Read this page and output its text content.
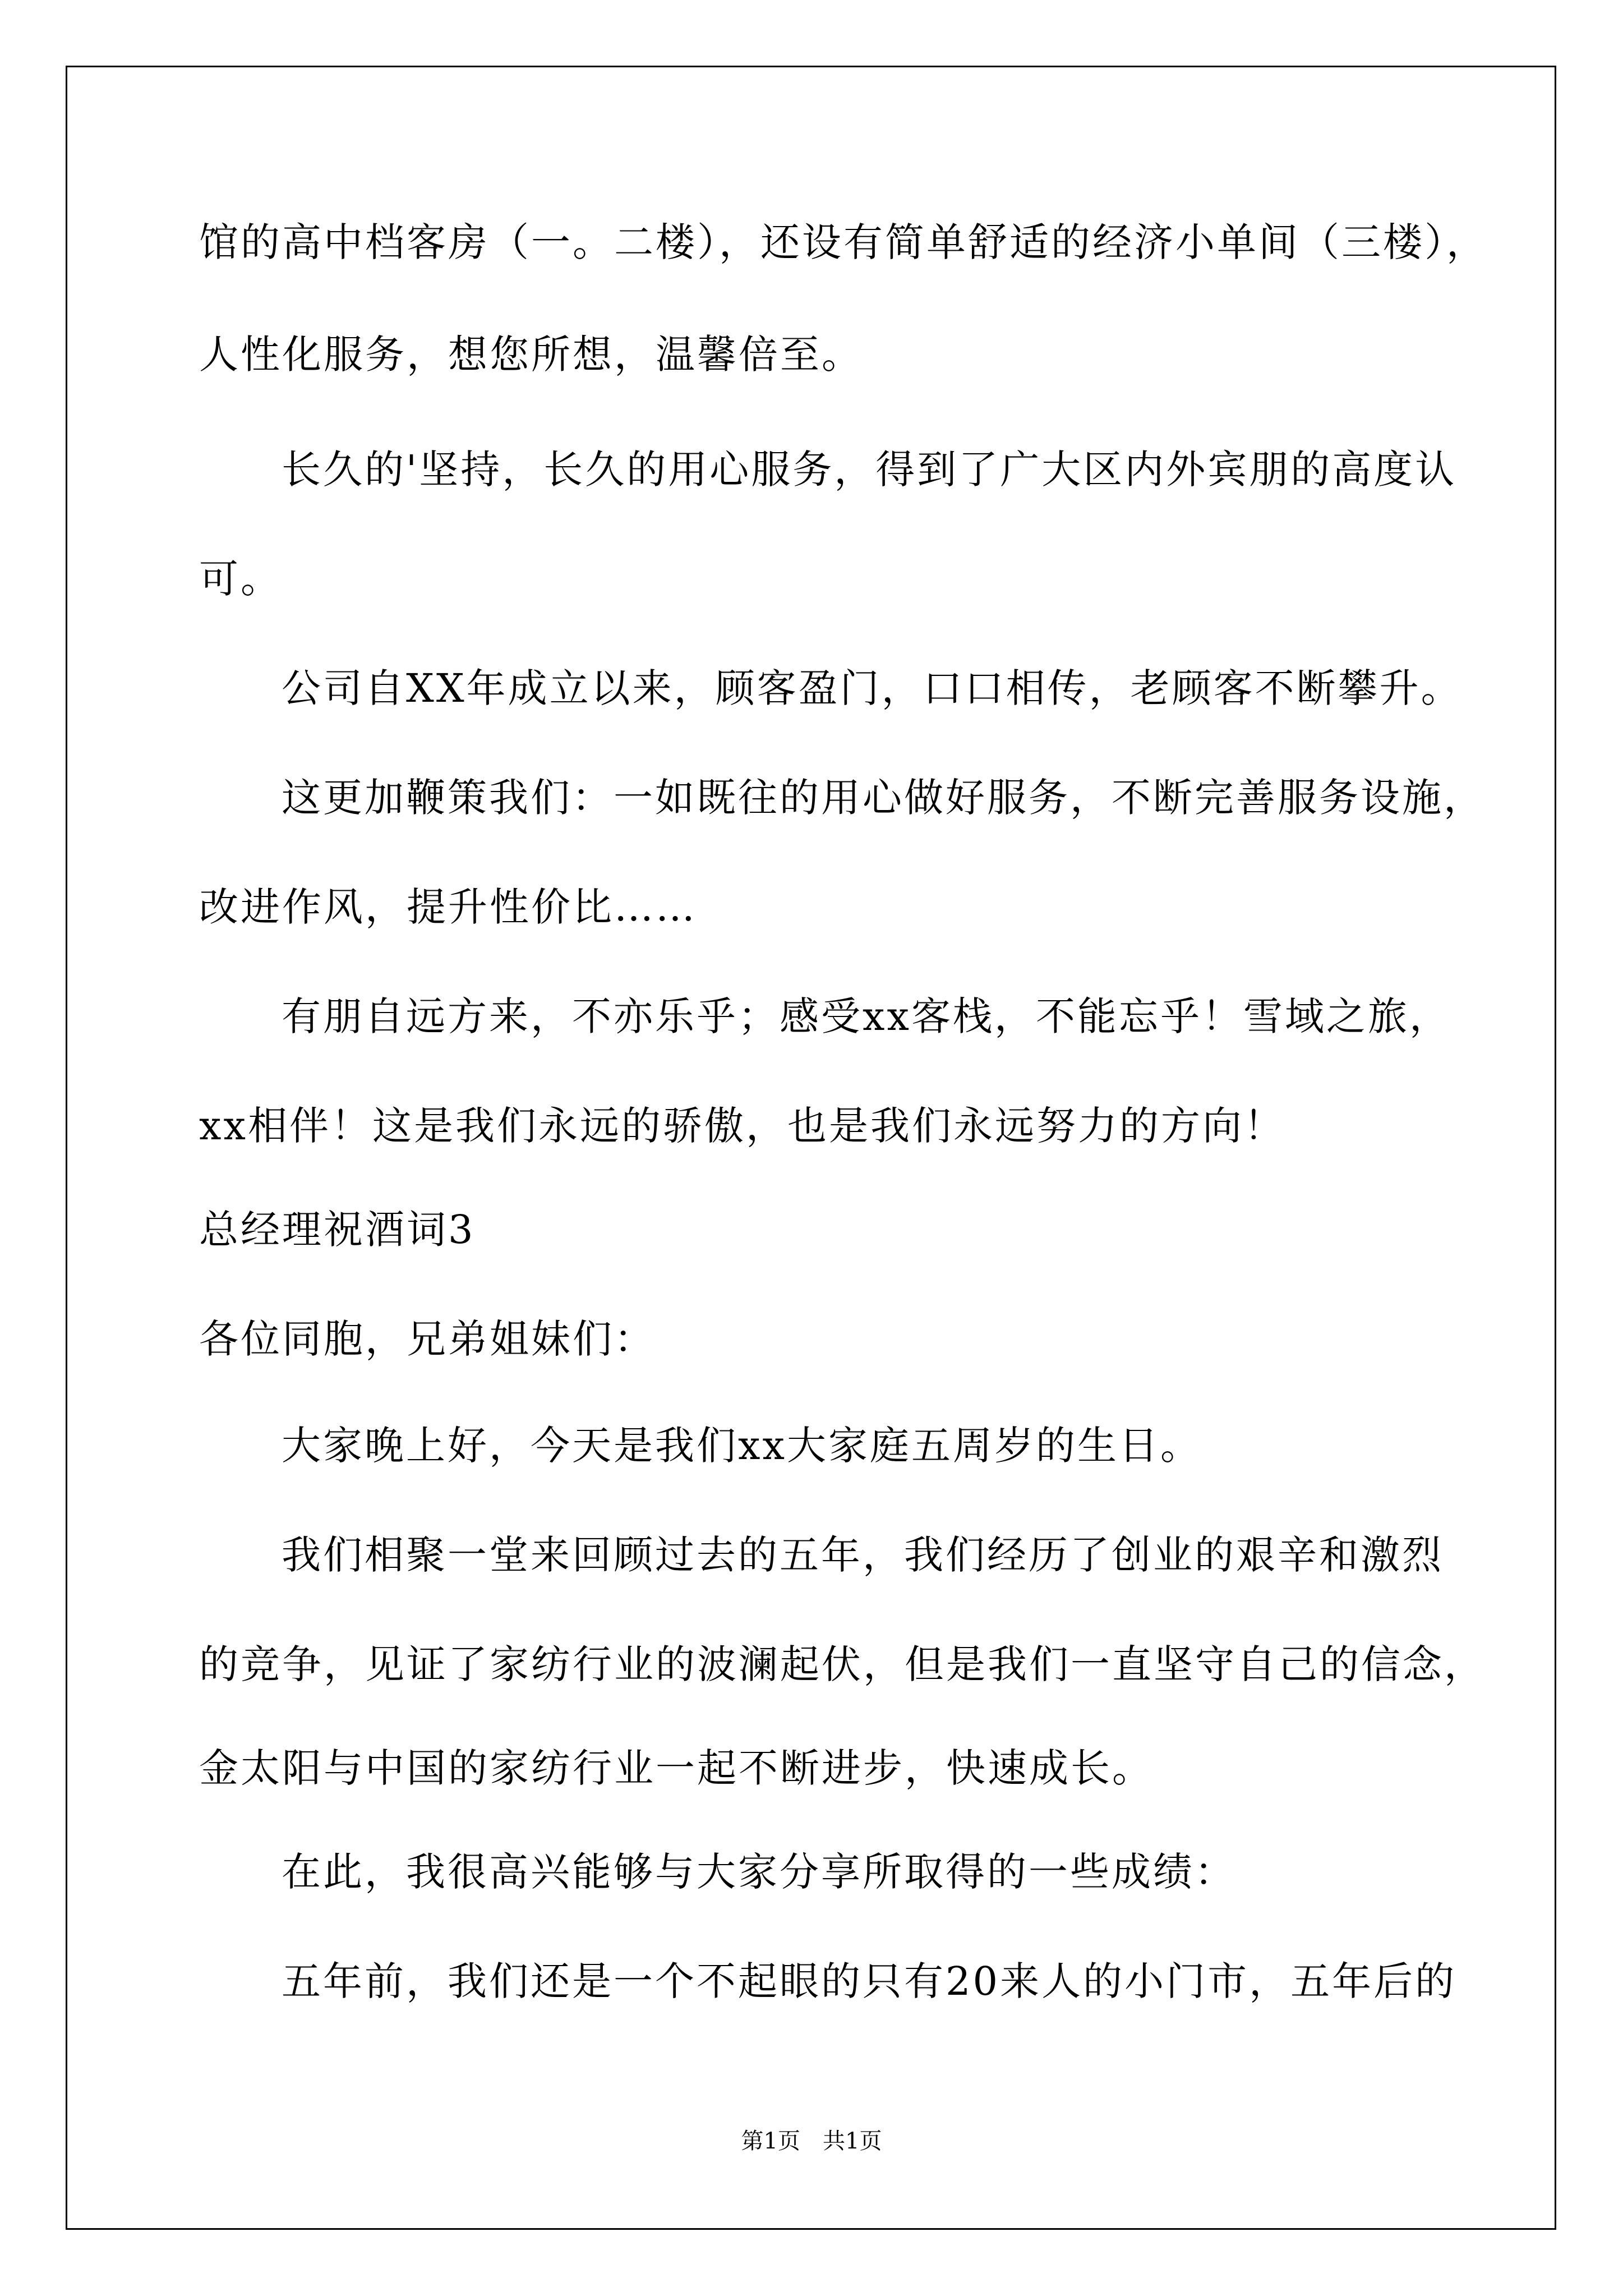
馆的高中档客房（一。二楼），还设有简单舒适的经济小单间（三楼），
人性化服务，想您所想，温馨倍至。
长久的'坚持，长久的用心服务，得到了广大区内外宾朋的高度认
可。
公司自XX年成立以来，顾客盈门，口口相传，老顾客不断攀升。
这更加鞭策我们：一如既往的用心做好服务，不断完善服务设施，
改进作风，提升性价比……
有朋自远方来，不亦乐乎；感受xx客栈，不能忘乎！雪域之旅，
xx相伴！这是我们永远的骄傲，也是我们永远努力的方向！
总经理祝酒词3
各位同胞，兄弟姐妹们：
大家晚上好，今天是我们xx大家庭五周岁的生日。
我们相聚一堂来回顾过去的五年，我们经历了创业的艰辛和激烈
的竞争，见证了家纺行业的波澜起伏，但是我们一直坚守自己的信念，
金太阳与中国的家纺行业一起不断进步，快速成长。
在此，我很高兴能够与大家分享所取得的一些成绩：
五年前，我们还是一个不起眼的只有20来人的小门市，五年后的
第1页　共1页
